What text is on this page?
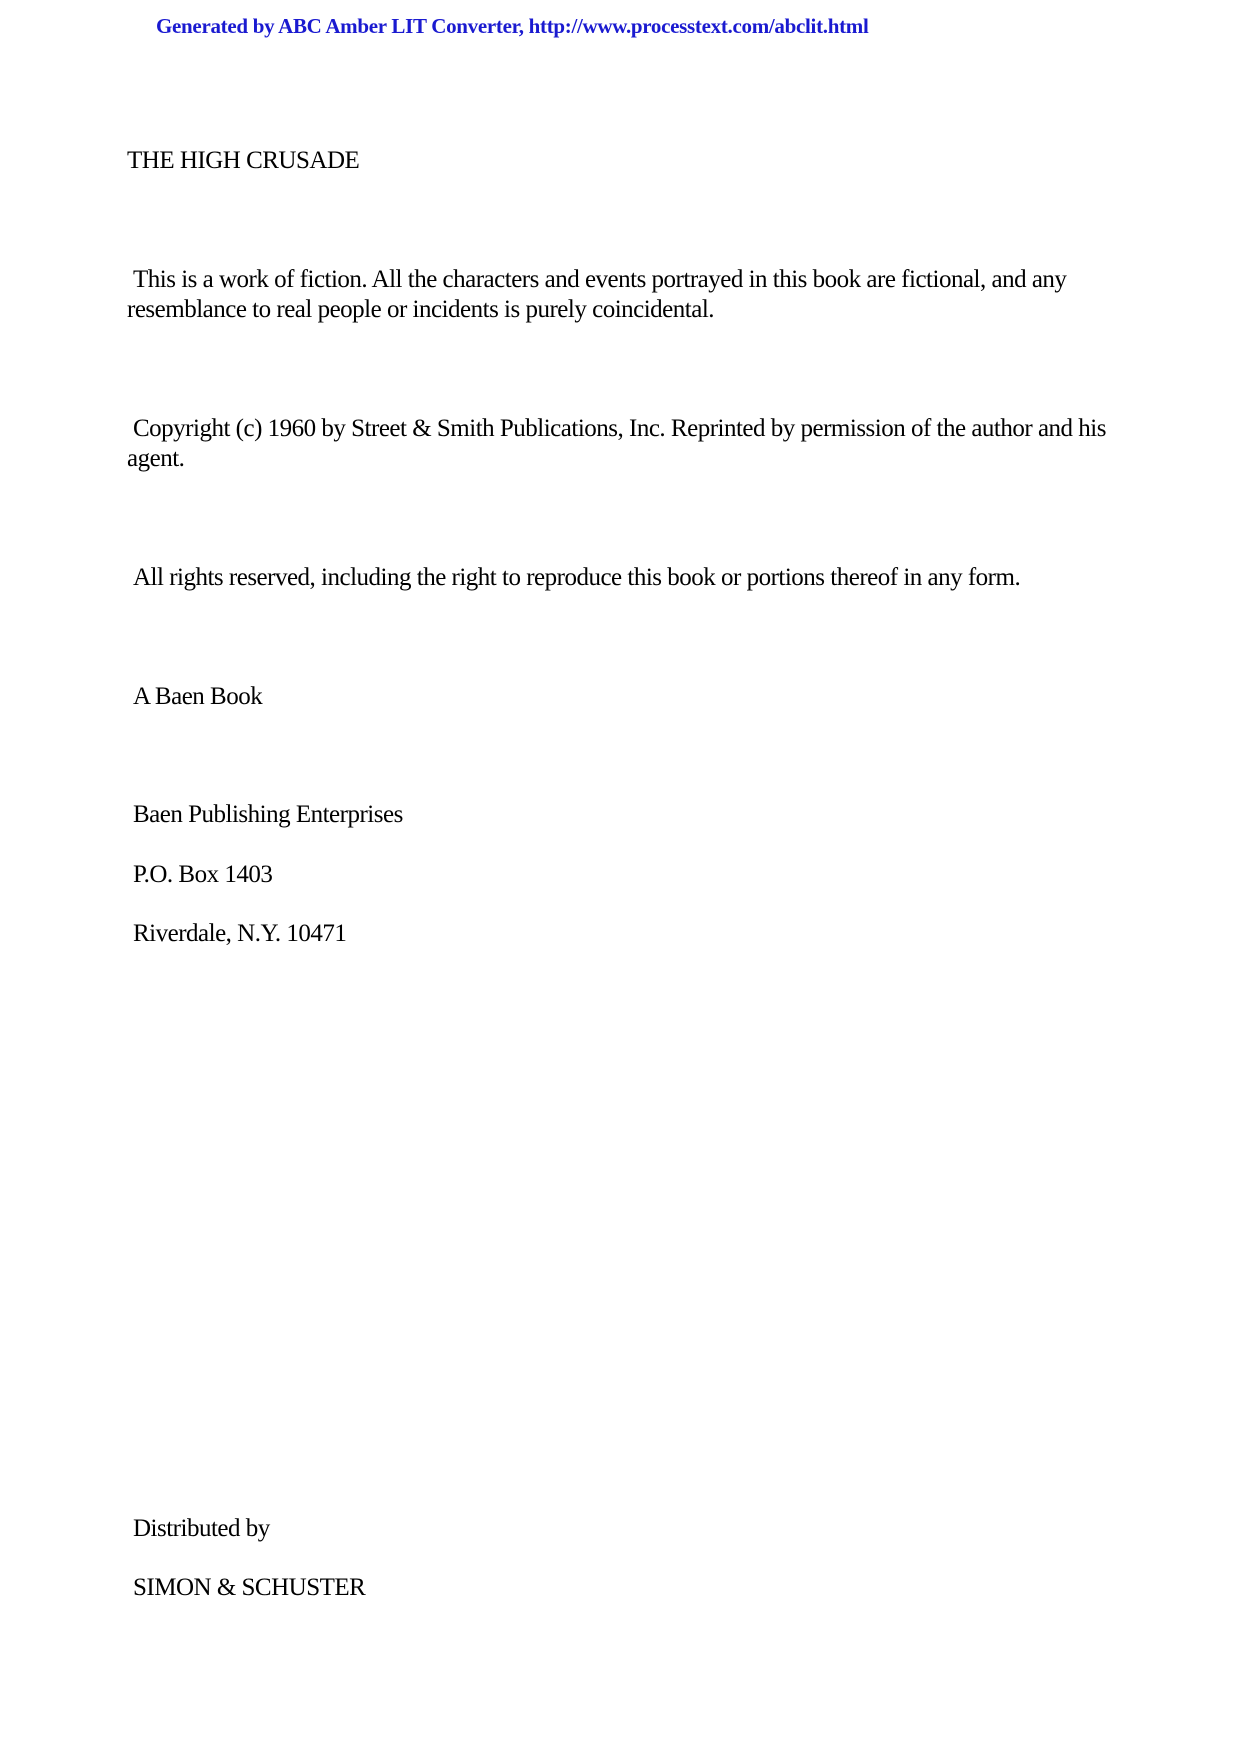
Generated by ABC Amber LIT Converter, http://www.processtext.com/abclit.html

THE HIGH CRUSADE

This is a work of fiction. All the characters and events portrayed in this book are fictional, and any resemblance to real people or incidents is purely coincidental.

Copyright (c) 1960 by Street & Smith Publications, Inc. Reprinted by permission of the author and his agent.

All rights reserved, including the right to reproduce this book or portions thereof in any form.

A Baen Book

Baen Publishing Enterprises

P.O. Box 1403

Riverdale, N.Y. 10471

Distributed by

SIMON & SCHUSTER
